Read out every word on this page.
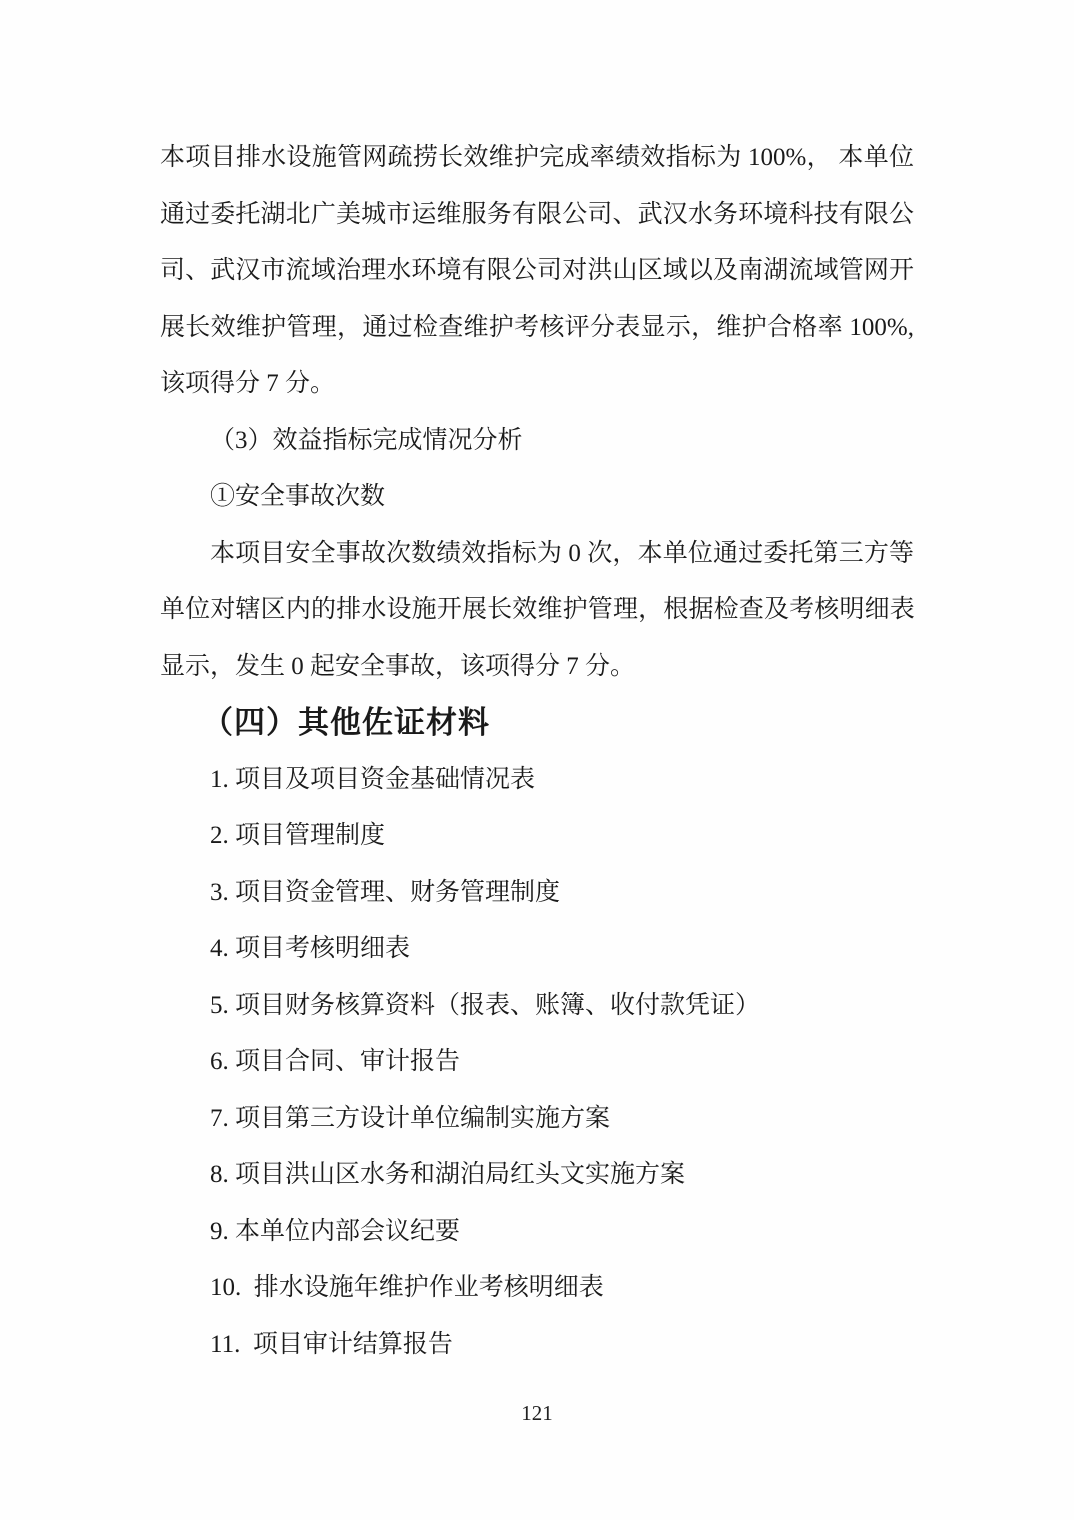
本项目排水设施管网疏捞长效维护完成率绩效指标为 100%， 本单位
通过委托湖北广美城市运维服务有限公司、武汉水务环境科技有限公
司、武汉市流域治理水环境有限公司对洪山区域以及南湖流域管网开
展长效维护管理，通过检查维护考核评分表显示，维护合格率 100%,
该项得分 7 分。
（3）效益指标完成情况分析
①安全事故次数
本项目安全事故次数绩效指标为 0 次，本单位通过委托第三方等
单位对辖区内的排水设施开展长效维护管理，根据检查及考核明细表
显示，发生 0 起安全事故，该项得分 7 分。
（四）其他佐证材料
1. 项目及项目资金基础情况表
2. 项目管理制度
3. 项目资金管理、财务管理制度
4. 项目考核明细表
5. 项目财务核算资料（报表、账簿、收付款凭证）
6. 项目合同、审计报告
7. 项目第三方设计单位编制实施方案
8. 项目洪山区水务和湖泊局红头文实施方案
9. 本单位内部会议纪要
10.  排水设施年维护作业考核明细表
11.  项目审计结算报告
121
